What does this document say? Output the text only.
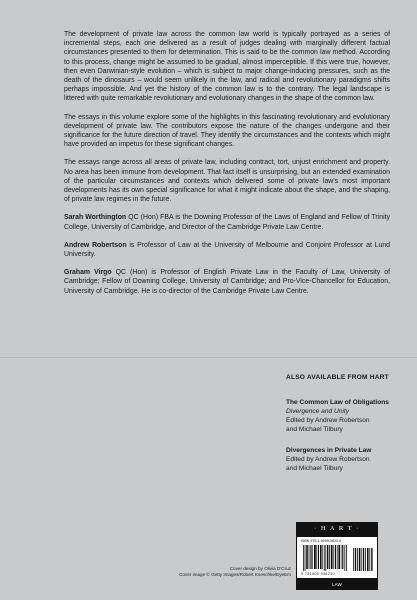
The development of private law across the common law world is typically portrayed as a series of incremental steps, each one delivered as a result of judges dealing with marginally different factual circumstances presented to them for determination. This is said to be the common law method. According to this process, change might be assumed to be gradual, almost imperceptible. If this were true, however, then even Darwinian-style evolution – which is subject to major change-inducing pressures, such as the death of the dinosaurs – would seem unlikely in the law, and radical and revolutionary paradigms shifts perhaps impossible. And yet the history of the common law is to the contrary. The legal landscape is littered with quite remarkable revolutionary and evolutionary changes in the shape of the common law.

The essays in this volume explore some of the highlights in this fascinating revolutionary and evolutionary development of private law. The contributors expose the nature of the changes undergone and their significance for the future direction of travel. They identify the circumstances and the contexts which might have provided an impetus for these significant changes.

The essays range across all areas of private law, including contract, tort, unjust enrichment and property. No area has been immune from development. That fact itself is unsurprising, but an extended examination of the particular circumstances and contexts which delivered some of private law’s most important developments has its own special significance for what it might indicate about the shape, and the shaping, of private law regimes in the future.

Sarah Worthington QC (Hon) FBA is the Downing Professor of the Laws of England and Fellow of Trinity College, University of Cambridge, and Director of the Cambridge Private Law Centre.

Andrew Robertson is Professor of Law at the University of Melbourne and Conjoint Professor at Lund University.

Graham Virgo QC (Hon) is Professor of English Private Law in the Faculty of Law, University of Cambridge; Fellow of Downing College, University of Cambridge; and Pro-Vice-Chancellor for Education, University of Cambridge. He is co-director of the Cambridge Private Law Centre.

ALSO AVAILABLE FROM HART
The Common Law of Obligations
Divergence and Unity
Edited by Andrew Robertson
and Michael Tilbury
Divergences in Private Law
Edited by Andrew Robertson
and Michael Tilbury
· H A R T ·
ISBN 978-1-5099-3823-0
9 781509 938230
LAW
Cover design by Olivia D’Cruz
Cover image © Getty Images/Robert Kneschke/EyeEm
